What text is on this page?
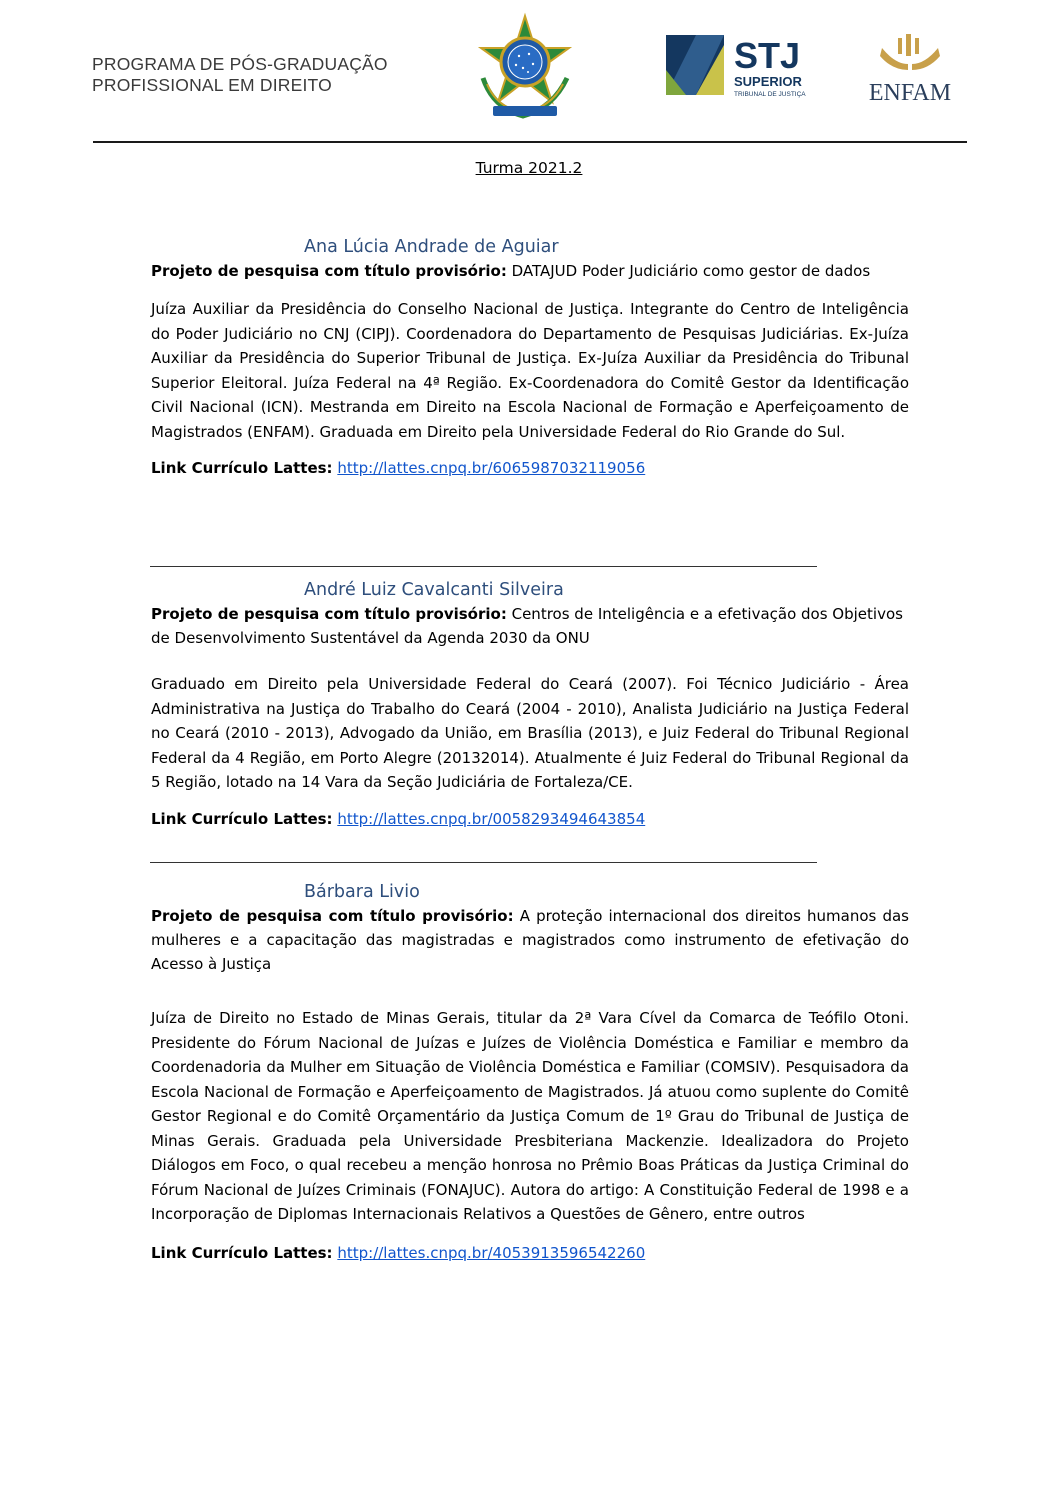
PROGRAMA DE PÓS-GRADUAÇÃO
PROFISSIONAL EM DIREITO
STJ
SUPERIOR
TRIBUNAL DE JUSTIÇA	ENFAM
Turma 2021.2
Ana Lúcia Andrade de Aguiar
Projeto de pesquisa com título provisório: DATAJUD Poder Judiciário como gestor de dados

Juíza Auxiliar da Presidência do Conselho Nacional de Justiça. Integrante do Centro de Inteligência do Poder Judiciário no CNJ (CIPJ). Coordenadora do Departamento de Pesquisas Judiciárias. Ex-Juíza Auxiliar da Presidência do Superior Tribunal de Justiça. Ex-Juíza Auxiliar da Presidência do Tribunal Superior Eleitoral. Juíza Federal na 4ª Região. Ex-Coordenadora do Comitê Gestor da Identificação Civil Nacional (ICN). Mestranda em Direito na Escola Nacional de Formação e Aperfeiçoamento de Magistrados (ENFAM). Graduada em Direito pela Universidade Federal do Rio Grande do Sul.

Link Currículo Lattes: http://lattes.cnpq.br/6065987032119056
André Luiz Cavalcanti Silveira
Projeto de pesquisa com título provisório: Centros de Inteligência e a efetivação dos Objetivos de Desenvolvimento Sustentável da Agenda 2030 da ONU

Graduado em Direito pela Universidade Federal do Ceará (2007). Foi Técnico Judiciário - Área Administrativa na Justiça do Trabalho do Ceará (2004 - 2010), Analista Judiciário na Justiça Federal no Ceará (2010 - 2013), Advogado da União, em Brasília (2013), e Juiz Federal do Tribunal Regional Federal da 4 Região, em Porto Alegre (20132014). Atualmente é Juiz Federal do Tribunal Regional da 5 Região, lotado na 14 Vara da Seção Judiciária de Fortaleza/CE.

Link Currículo Lattes: http://lattes.cnpq.br/0058293494643854
Bárbara Livio
Projeto de pesquisa com título provisório: A proteção internacional dos direitos humanos das mulheres e a capacitação das magistradas e magistrados como instrumento de efetivação do Acesso à Justiça

Juíza de Direito no Estado de Minas Gerais, titular da 2ª Vara Cível da Comarca de Teófilo Otoni. Presidente do Fórum Nacional de Juízas e Juízes de Violência Doméstica e Familiar e membro da Coordenadoria da Mulher em Situação de Violência Doméstica e Familiar (COMSIV). Pesquisadora da Escola Nacional de Formação e Aperfeiçoamento de Magistrados. Já atuou como suplente do Comitê Gestor Regional e do Comitê Orçamentário da Justiça Comum de 1º Grau do Tribunal de Justiça de Minas Gerais. Graduada pela Universidade Presbiteriana Mackenzie. Idealizadora do Projeto Diálogos em Foco, o qual recebeu a menção honrosa no Prêmio Boas Práticas da Justiça Criminal do Fórum Nacional de Juízes Criminais (FONAJUC). Autora do artigo: A Constituição Federal de 1998 e a Incorporação de Diplomas Internacionais Relativos a Questões de Gênero, entre outros

Link Currículo Lattes: http://lattes.cnpq.br/4053913596542260
